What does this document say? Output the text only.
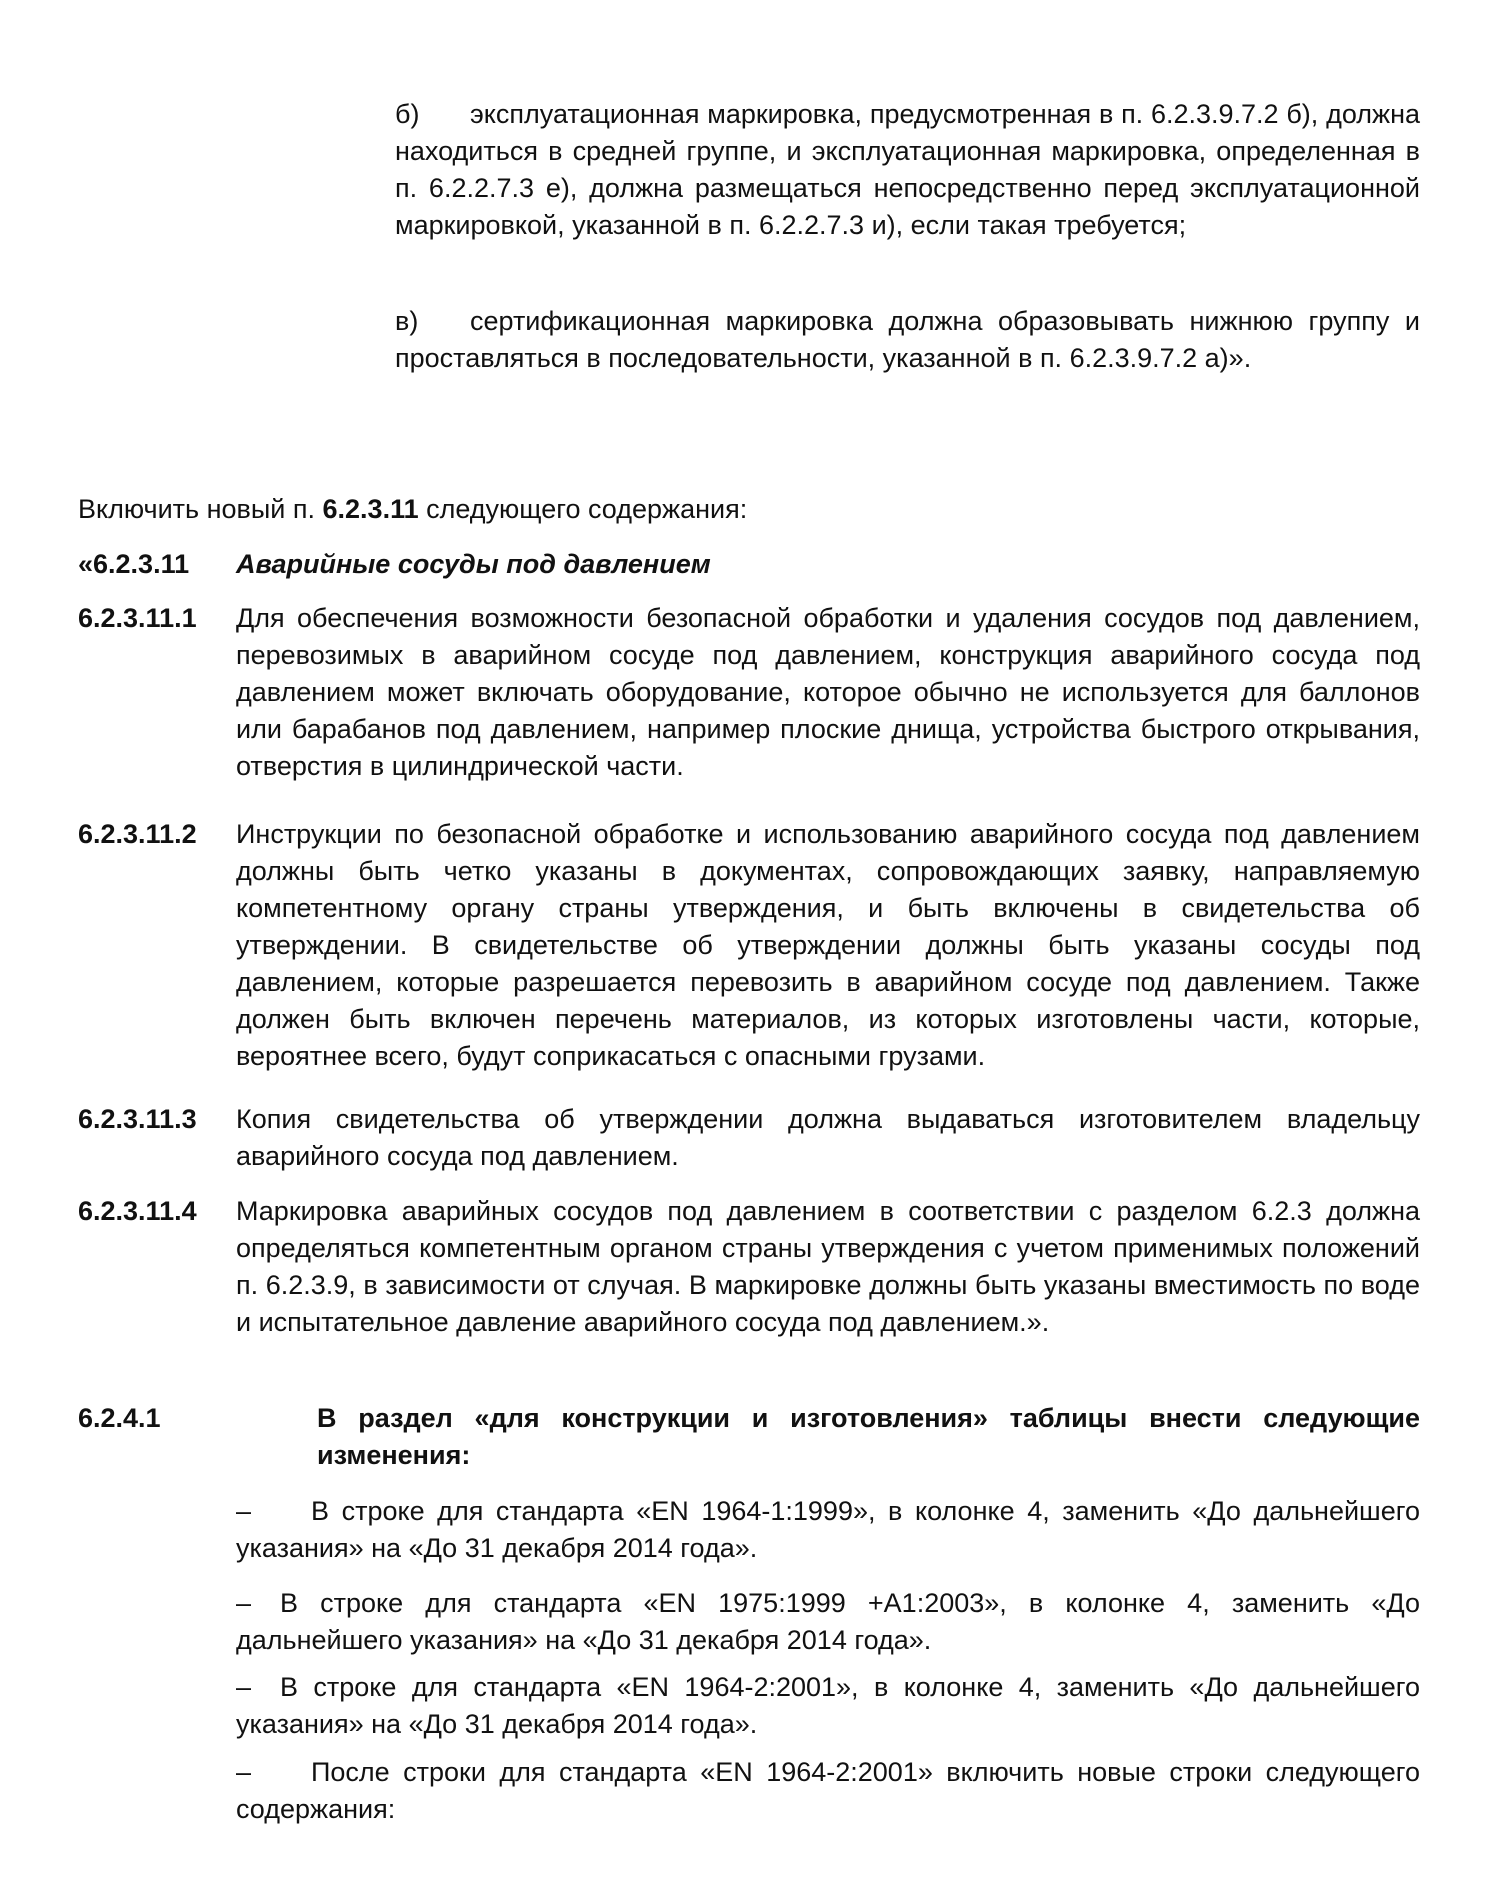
б) эксплуатационная маркировка, предусмотренная в п. 6.2.3.9.7.2 б), должна находиться в средней группе, и эксплуатационная маркировка, определенная в п. 6.2.2.7.3 е), должна размещаться непосредственно перед эксплуатационной маркировкой, указанной в п. 6.2.2.7.3 и), если такая требуется;

в) сертификационная маркировка должна образовывать нижнюю группу и проставляться в последовательности, указанной в п. 6.2.3.9.7.2 а)».

Включить новый п. 6.2.3.11 следующего содержания:

«6.2.3.11 Аварийные сосуды под давлением

6.2.3.11.1 Для обеспечения возможности безопасной обработки и удаления сосудов под давлением, перевозимых в аварийном сосуде под давлением, конструкция аварийного сосуда под давлением может включать оборудование, которое обычно не используется для баллонов или барабанов под давлением, например плоские днища, устройства быстрого открывания, отверстия в цилиндрической части.

6.2.3.11.2 Инструкции по безопасной обработке и использованию аварийного сосуда под давлением должны быть четко указаны в документах, сопровождающих заявку, направляемую компетентному органу страны утверждения, и быть включены в свидетельства об утверждении. В свидетельстве об утверждении должны быть указаны сосуды под давлением, которые разрешается перевозить в аварийном сосуде под давлением. Также должен быть включен перечень материалов, из которых изготовлены части, которые, вероятнее всего, будут соприкасаться с опасными грузами.

6.2.3.11.3 Копия свидетельства об утверждении должна выдаваться изготовителем владельцу аварийного сосуда под давлением.

6.2.3.11.4 Маркировка аварийных сосудов под давлением в соответствии с разделом 6.2.3 должна определяться компетентным органом страны утверждения с учетом применимых положений п. 6.2.3.9, в зависимости от случая. В маркировке должны быть указаны вместимость по воде и испытательное давление аварийного сосуда под давлением.».

6.2.4.1	В раздел «для конструкции и изготовления» таблицы внести следующие изменения:

– В строке для стандарта «EN 1964-1:1999», в колонке 4, заменить «До дальнейшего указания» на «До 31 декабря 2014 года».

– В строке для стандарта «EN 1975:1999 +A1:2003», в колонке 4, заменить «До дальнейшего указания» на «До 31 декабря 2014 года».

– В строке для стандарта «EN 1964-2:2001», в колонке 4, заменить «До дальнейшего указания» на «До 31 декабря 2014 года».

– После строки для стандарта «EN 1964-2:2001» включить новые строки следующего содержания:
